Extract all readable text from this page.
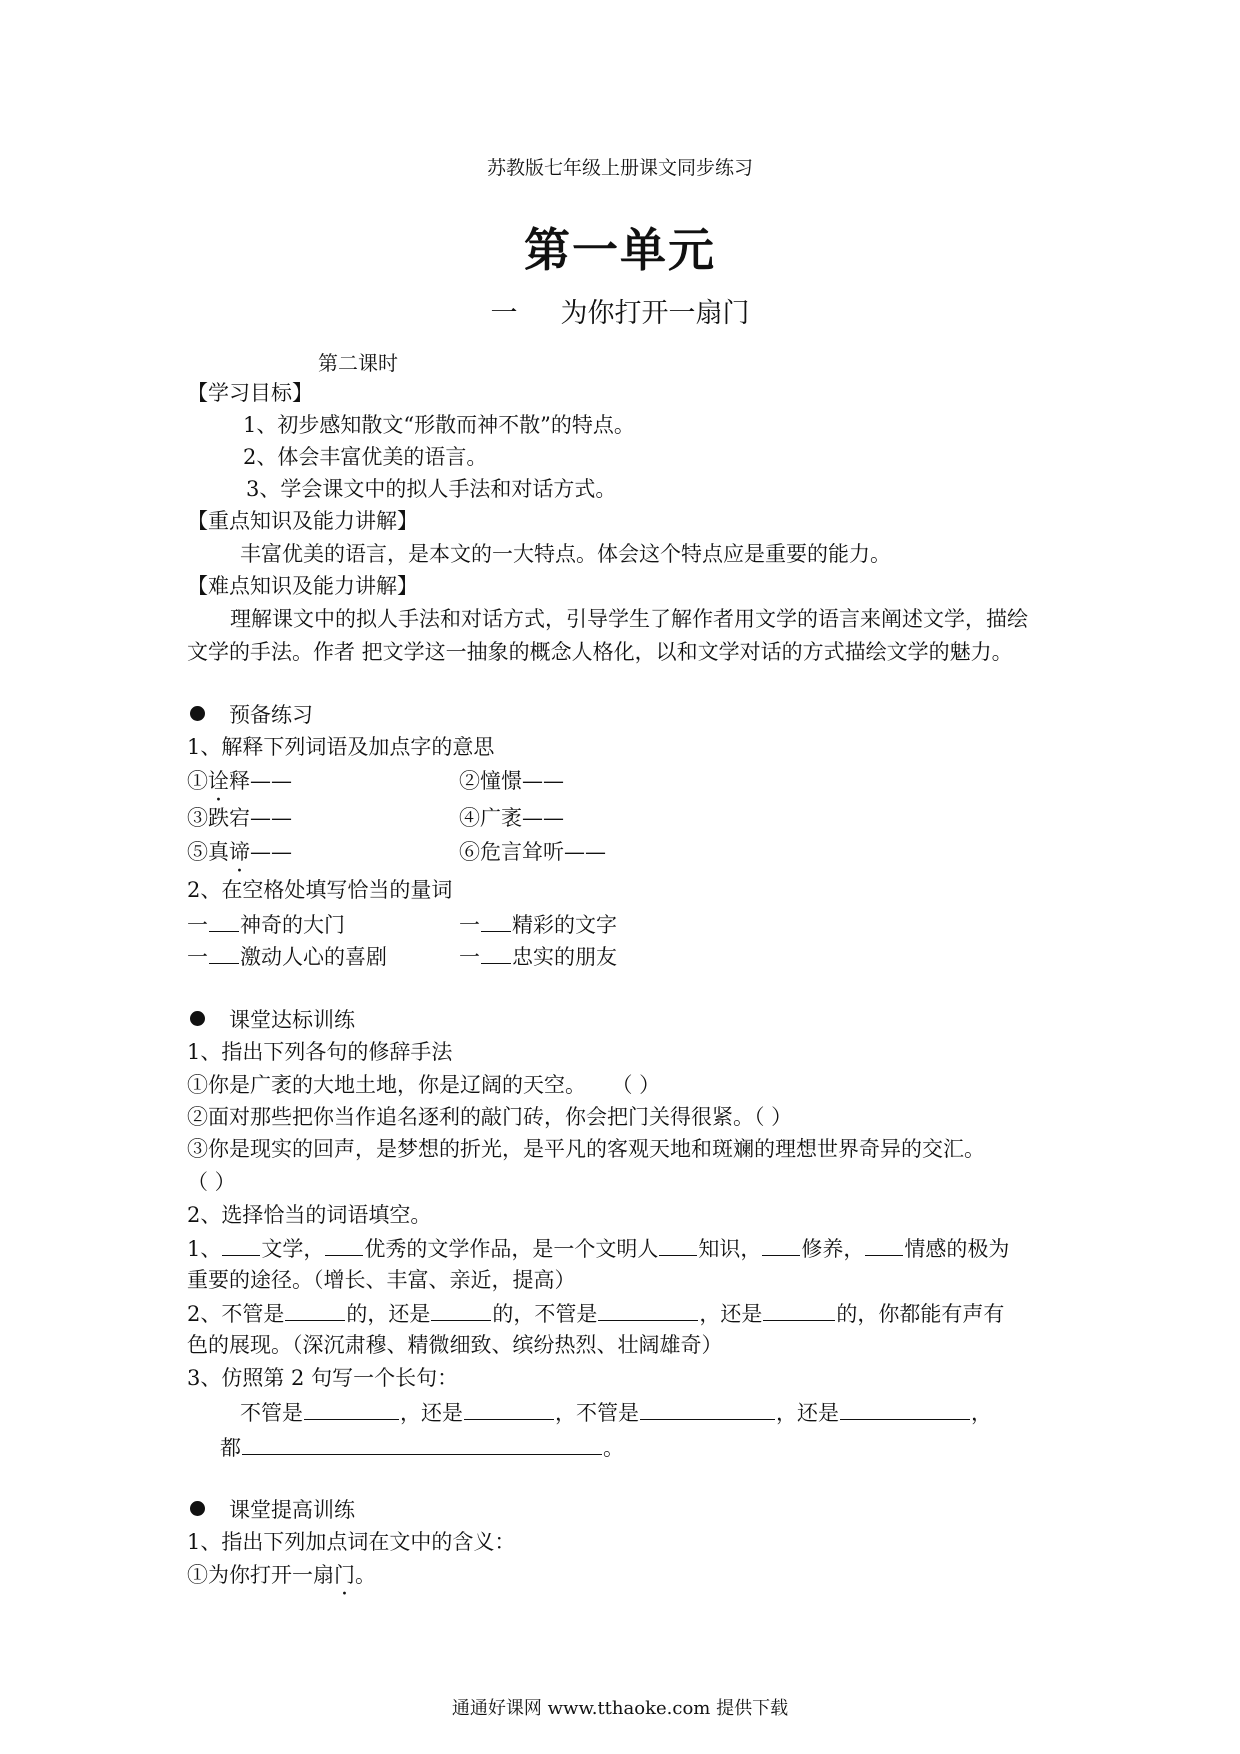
苏教版七年级上册课文同步练习
第一单元
一 为你打开一扇门
第二课时
【学习目标】
1、初步感知散文“形散而神不散”的特点。
2、体会丰富优美的语言。
3、学会课文中的拟人手法和对话方式。
【重点知识及能力讲解】
丰富优美的语言，是本文的一大特点。体会这个特点应是重要的能力。
【难点知识及能力讲解】
理解课文中的拟人手法和对话方式，引导学生了解作者用文学的语言来阐述文学，描绘
文学的手法。作者 把文学这一抽象的概念人格化，以和文学对话的方式描绘文学的魅力。
预备练习
1、解释下列词语及加点字的意思
①诠释——	②憧憬——
③跌宕——	④广袤——
⑤真谛——	⑥危言耸听——
2、在空格处填写恰当的量词
一 神奇的大门	一 精彩的文字
一 激动人心的喜剧	一 忠实的朋友
课堂达标训练
1、指出下列各句的修辞手法
①你是广袤的大地土地，你是辽阔的天空。 （ ）
②面对那些把你当作追名逐利的敲门砖，你会把门关得很紧。（ ）
③你是现实的回声，是梦想的折光，是平凡的客观天地和斑斓的理想世界奇异的交汇。
（ ）
2、选择恰当的词语填空。
1、 文学， 优秀的文学作品，是一个文明人 知识， 修养， 情感的极为
重要的途径。（增长、丰富、亲近，提高）
2、不管是	的，还是	的，不管是	，还是	的，你都能有声有
色的展现。（深沉肃穆、精微细致、缤纷热烈、壮阔雄奇）
3、仿照第 2 句写一个长句：
不管是	，还是	，不管是	，还是	，
都	。
课堂提高训练
1、指出下列加点词在文中的含义：
①为你打开一扇门。
通通好课网 www.tthaoke.com 提供下载
